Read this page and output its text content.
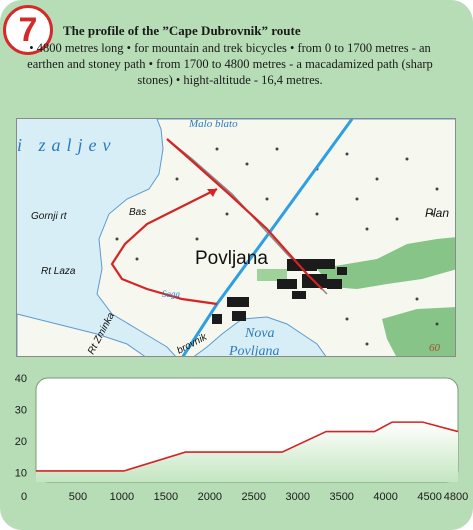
7	The profile of the ”Cape Dubrovnik” route
• 4800 metres long • for mountain and trek bicycles • from 0 to 1700 metres - an earthen and stoney path • from 1700 to 4800 metres - a macadamized path (sharp stones) • hight-altitude - 16,4 metres.
i zaljev
Malo blato
Gornji rt	Bas
Rt Laza
Povljana
Plan
Rt Zminka	brovnik
Saga
Nova
Povljana	60
10
20
30
40
0	500 1000 1500 2000 2500 3000 3500 4000 4500 4800
